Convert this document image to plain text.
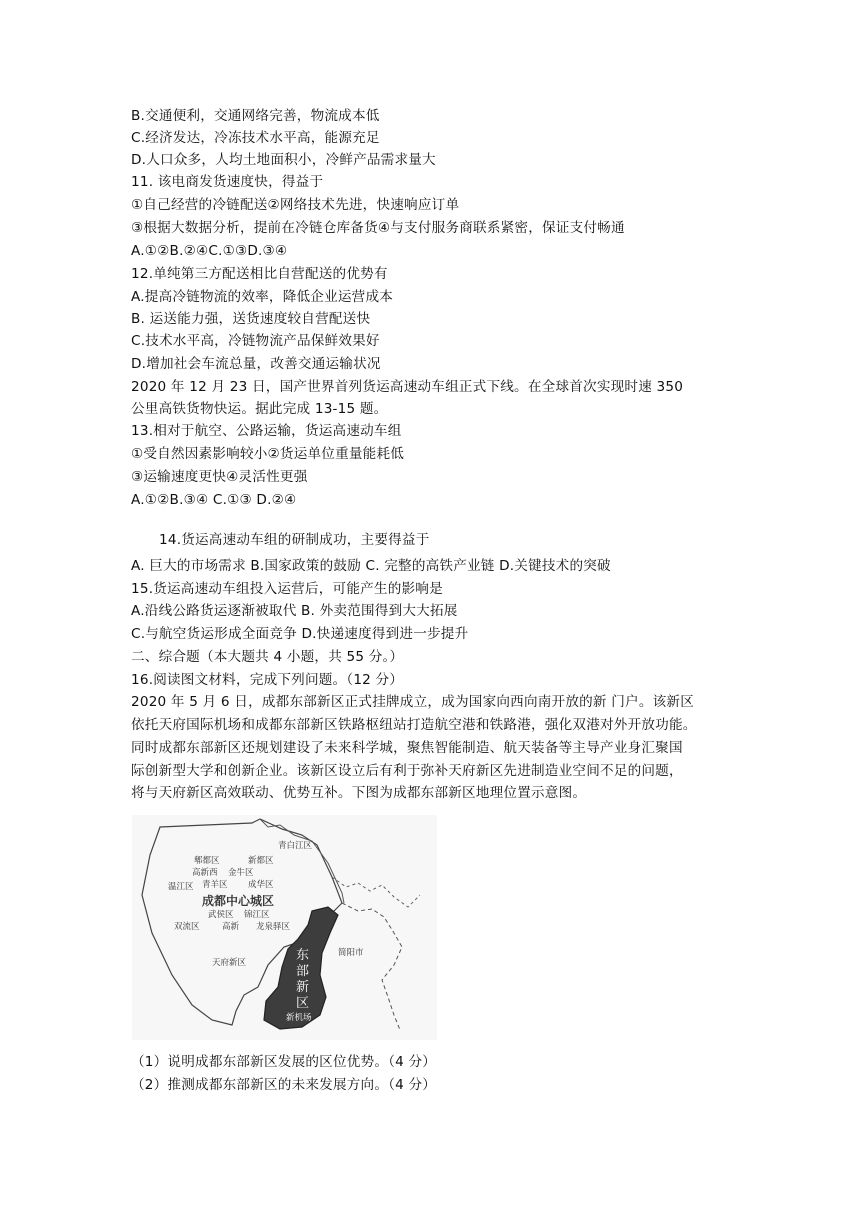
B.交通便利，交通网络完善，物流成本低
C.经济发达，冷冻技术水平高，能源充足
D.人口众多，人均土地面积小，冷鲜产品需求量大
11. 该电商发货速度快，得益于
①自己经营的冷链配送②网络技术先进，快速响应订单
③根据大数据分析，提前在冷链仓库备货④与支付服务商联系紧密，保证支付畅通
A.①②B.②④C.①③D.③④
12.单纯第三方配送相比自营配送的优势有
A.提高冷链物流的效率，降低企业运营成本
B. 运送能力强，送货速度较自营配送快
C.技术水平高，冷链物流产品保鲜效果好
D.增加社会车流总量，改善交通运输状况
2020 年 12 月 23 日，国产世界首列货运高速动车组正式下线。在全球首次实现时速 350
公里高铁货物快运。据此完成 13-15 题。
13.相对于航空、公路运输，货运高速动车组
①受自然因素影响较小②货运单位重量能耗低
③运输速度更快④灵活性更强
A.①②B.③④ C.①③ D.②④
14.货运高速动车组的研制成功，主要得益于
A. 巨大的市场需求 B.国家政策的鼓励 C. 完整的高铁产业链 D.关键技术的突破
15.货运高速动车组投入运营后，可能产生的影响是
A.沿线公路货运逐渐被取代 B. 外卖范围得到大大拓展
C.与航空货运形成全面竞争 D.快递速度得到进一步提升
二、综合题（本大题共 4 小题，共 55 分。）
16.阅读图文材料，完成下列问题。（12 分）
2020 年 5 月 6 日，成都东部新区正式挂牌成立，成为国家向西向南开放的新 门户。该新区
依托天府国际机场和成都东部新区铁路枢纽站打造航空港和铁路港，强化双港对外开放功能。
同时成都东部新区还规划建设了未来科学城，聚焦智能制造、航天装备等主导产业身汇聚国
际创新型大学和创新企业。该新区设立后有利于弥补天府新区先进制造业空间不足的问题，
将与天府新区高效联动、优势互补。下图为成都东部新区地理位置示意图。
青白江区
郫都区	新都区
高新西 金牛区
温江区 青羊区 成华区
成都中心城区
武侯区 锦江区
双流区	高新 龙泉驿区
天府新区	东
部
新
区
简阳市
新机场
（1）说明成都东部新区发展的区位优势。（4 分）
（2）推测成都东部新区的未来发展方向。（4 分）
